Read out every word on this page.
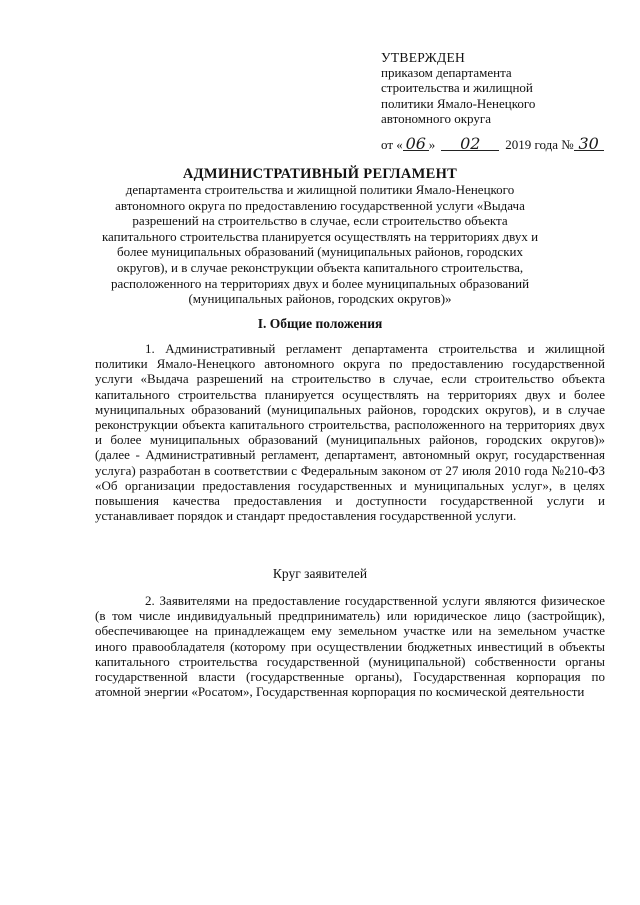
УТВЕРЖДЕН
приказом департамента
строительства и жилищной
политики Ямало-Ненецкого
автономного округа
от « 06 » 02 2019 года № 30
АДМИНИСТРАТИВНЫЙ РЕГЛАМЕНТ
департамента строительства и жилищной политики Ямало-Ненецкого автономного округа по предоставлению государственной услуги «Выдача разрешений на строительство в случае, если строительство объекта капитального строительства планируется осуществлять на территориях двух и более муниципальных образований (муниципальных районов, городских округов), и в случае реконструкции объекта капитального строительства, расположенного на территориях двух и более муниципальных образований (муниципальных районов, городских округов)»
I. Общие положения
1. Административный регламент департамента строительства и жилищной политики Ямало-Ненецкого автономного округа по предоставлению государственной услуги «Выдача разрешений на строительство в случае, если строительство объекта капитального строительства планируется осуществлять на территориях двух и более муниципальных образований (муниципальных районов, городских округов), и в случае реконструкции объекта капитального строительства, расположенного на территориях двух и более муниципальных образований (муниципальных районов, городских округов)» (далее - Административный регламент, департамент, автономный округ, государственная услуга) разработан в соответствии с Федеральным законом от 27 июля 2010 года №210-ФЗ «Об организации предоставления государственных и муниципальных услуг», в целях повышения качества предоставления и доступности государственной услуги и устанавливает порядок и стандарт предоставления государственной услуги.
Круг заявителей
2. Заявителями на предоставление государственной услуги являются физическое (в том числе индивидуальный предприниматель) или юридическое лицо (застройщик), обеспечивающее на принадлежащем ему земельном участке или на земельном участке иного правообладателя (которому при осуществлении бюджетных инвестиций в объекты капитального строительства государственной (муниципальной) собственности органы государственной власти (государственные органы), Государственная корпорация по атомной энергии «Росатом», Государственная корпорация по космической деятельности
